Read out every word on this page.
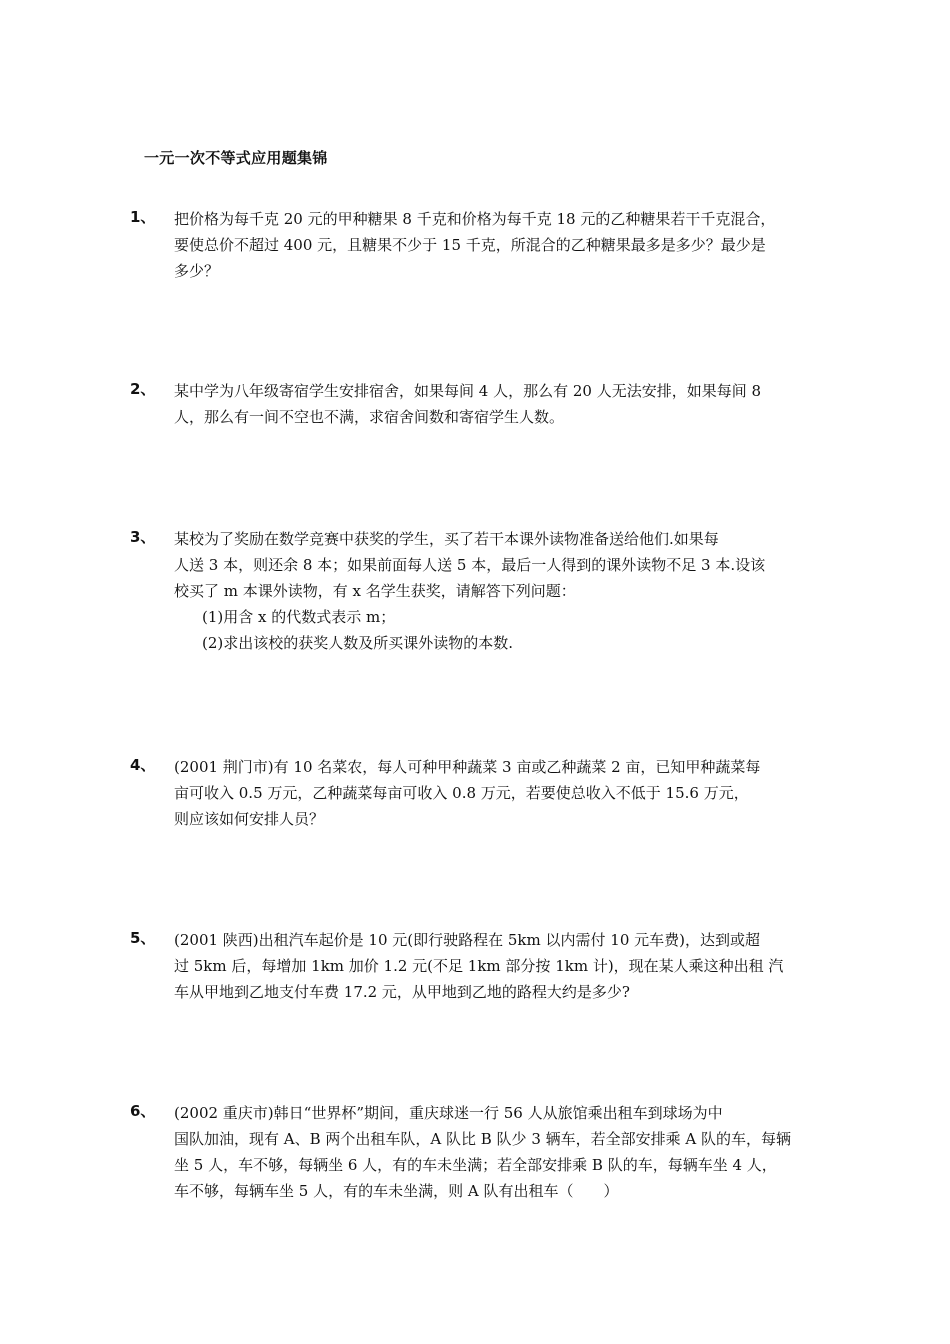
一元一次不等式应用题集锦
1、 把价格为每千克 20 元的甲种糖果 8 千克和价格为每千克 18 元的乙种糖果若干千克混合，
要使总价不超过 400 元，且糖果不少于 15 千克，所混合的乙种糖果最多是多少？最少是
多少？
2、 某中学为八年级寄宿学生安排宿舍，如果每间 4 人，那么有 20 人无法安排，如果每间 8
人，那么有一间不空也不满，求宿舍间数和寄宿学生人数。
3、 某校为了奖励在数学竞赛中获奖的学生，买了若干本课外读物准备送给他们.如果每
人送 3 本，则还余 8 本；如果前面每人送 5 本，最后一人得到的课外读物不足 3 本.设该
校买了 m 本课外读物，有 x 名学生获奖，请解答下列问题：
(1)用含 x 的代数式表示 m；
(2)求出该校的获奖人数及所买课外读物的本数.
4、 (2001 荆门市)有 10 名菜农，每人可种甲种蔬菜 3 亩或乙种蔬菜 2 亩，已知甲种蔬菜每
亩可收入 0.5 万元，乙种蔬菜每亩可收入 0.8 万元，若要使总收入不低于 15.6 万元，
则应该如何安排人员？
5、 (2001 陕西)出租汽车起价是 10 元(即行驶路程在 5km 以内需付 10 元车费)，达到或超
过 5km 后，每增加 1km 加价 1.2 元(不足 1km 部分按 1km 计)，现在某人乘这种出租 汽
车从甲地到乙地支付车费 17.2 元，从甲地到乙地的路程大约是多少?
6、 (2002 重庆市)韩日“世界杯”期间，重庆球迷一行 56 人从旅馆乘出租车到球场为中
国队加油，现有 A、B 两个出租车队，A 队比 B 队少 3 辆车，若全部安排乘 A 队的车，每辆
坐 5 人，车不够，每辆坐 6 人，有的车未坐满；若全部安排乘 B 队的车，每辆车坐 4 人，
车不够，每辆车坐 5 人，有的车未坐满，则 A 队有出租车（　　）
